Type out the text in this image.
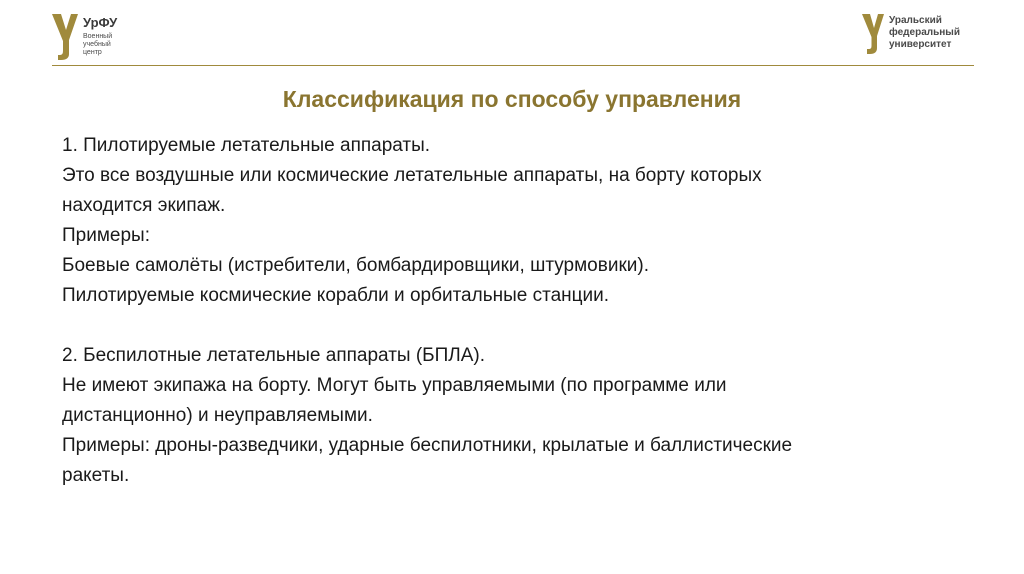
УрФУ
Военный
учебный
центр
Уральский
федеральный
университет
Классификация по способу управления
1. Пилотируемые летательные аппараты.
Это все воздушные или космические летательные аппараты, на борту которых
находится экипаж.
Примеры:
Боевые самолёты (истребители, бомбардировщики, штурмовики).
Пилотируемые космические корабли и орбитальные станции.
2. Беспилотные летательные аппараты (БПЛА).
Не имеют экипажа на борту. Могут быть управляемыми (по программе или
дистанционно) и неуправляемыми.
Примеры: дроны-разведчики, ударные беспилотники, крылатые и баллистические
ракеты.
